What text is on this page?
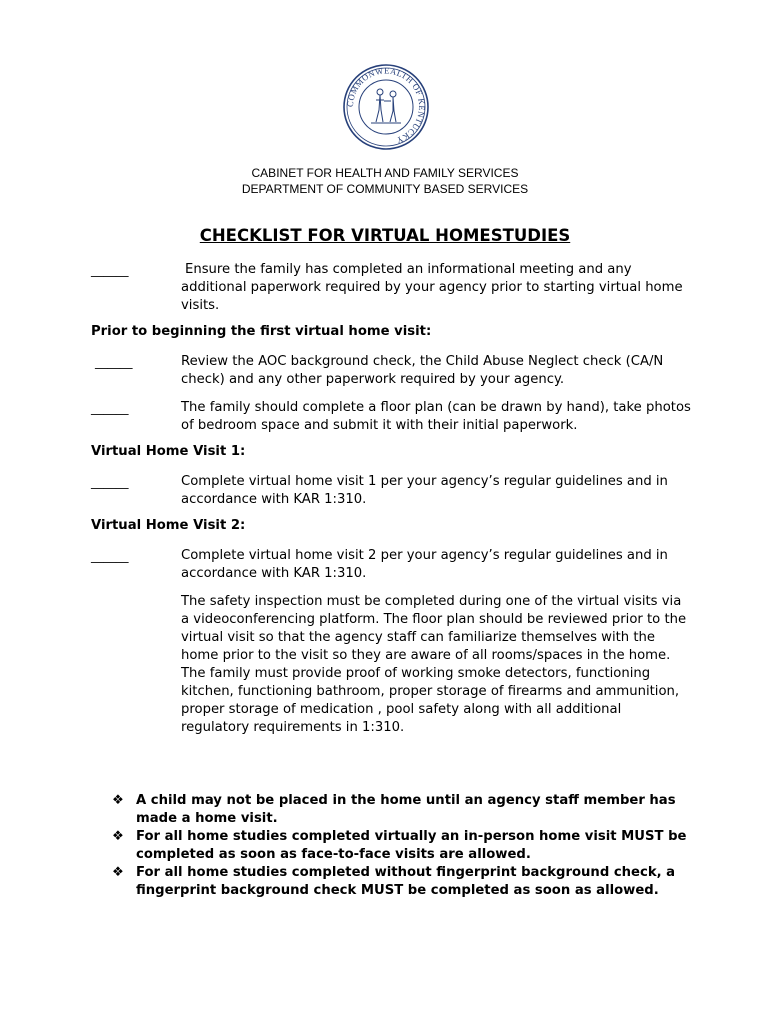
COMMONWEALTH OF KENTUCKY
CABINET FOR HEALTH AND FAMILY SERVICES
DEPARTMENT OF COMMUNITY BASED SERVICES
CHECKLIST FOR VIRTUAL HOMESTUDIES
______	Ensure the family has completed an informational meeting and any additional paperwork required by your agency prior to starting virtual home visits.
Prior to beginning the first virtual home visit:
______	Review the AOC background check, the Child Abuse Neglect check (CA/N check) and any other paperwork required by your agency.
______	The family should complete a floor plan (can be drawn by hand), take photos of bedroom space and submit it with their initial paperwork.
Virtual Home Visit 1:
______	Complete virtual home visit 1 per your agency’s regular guidelines and in accordance with KAR 1:310.
Virtual Home Visit 2:
______	Complete virtual home visit 2 per your agency’s regular guidelines and in accordance with KAR 1:310.
The safety inspection must be completed during one of the virtual visits via a videoconferencing platform. The floor plan should be reviewed prior to the virtual visit so that the agency staff can familiarize themselves with the home prior to the visit so they are aware of all rooms/spaces in the home. The family must provide proof of working smoke detectors, functioning kitchen, functioning bathroom, proper storage of firearms and ammunition, proper storage of medication , pool safety along with all additional regulatory requirements in 1:310.
❖ A child may not be placed in the home until an agency staff member has made a home visit.
❖ For all home studies completed virtually an in-person home visit MUST be completed as soon as face-to-face visits are allowed.
❖ For all home studies completed without fingerprint background check, a fingerprint background check MUST be completed as soon as allowed.
